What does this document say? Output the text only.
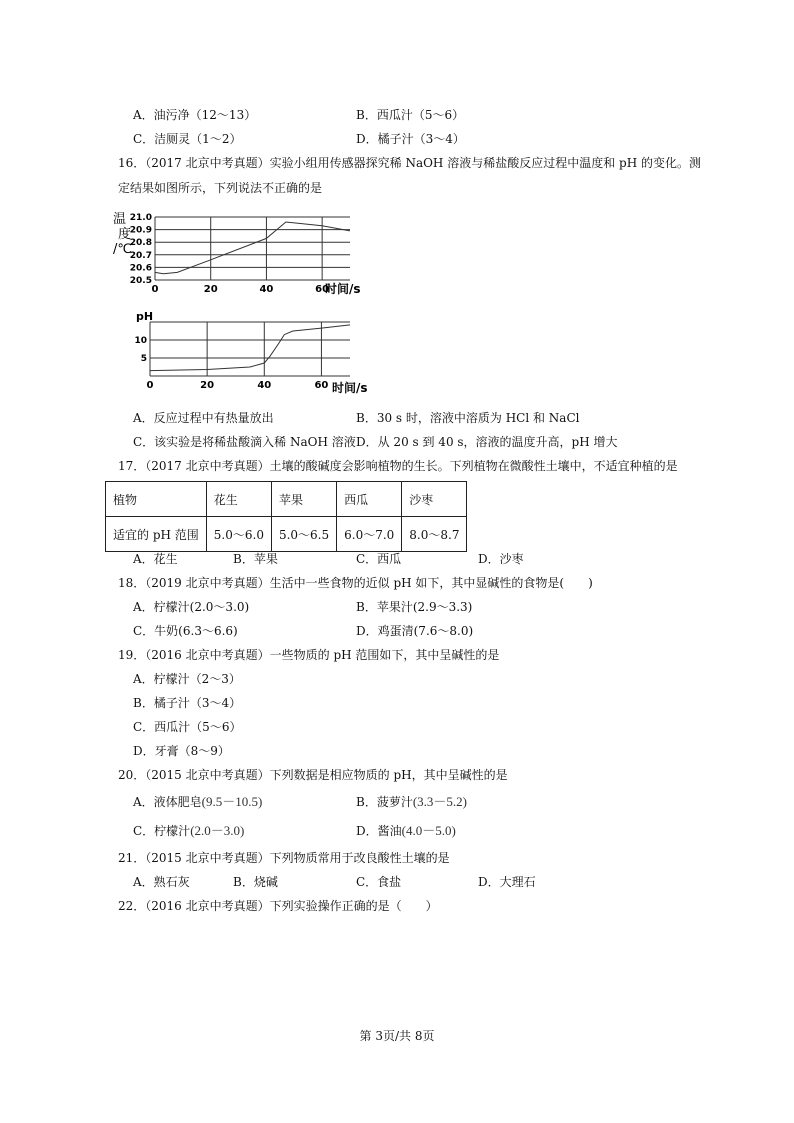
A．油污净（12～13）	B．西瓜汁（5～6）
C．洁厕灵（1～2）	D．橘子汁（3～4）
16．（2017 北京中考真题）实验小组用传感器探究稀 NaOH 溶液与稀盐酸反应过程中温度和 pH 的变化。测
定结果如图所示，下列说法不正确的是
温
度
/℃
21.0
20.9
20.8
20.7
20.6
20.5
0	20	40	60
时间/s
pH
10
5
0	20	40	60 时间/s
A．反应过程中有热量放出	B．30 s 时，溶液中溶质为 HCl 和 NaCl
C．该实验是将稀盐酸滴入稀 NaOH 溶液 D．从 20 s 到 40 s，溶液的温度升高，pH 增大
17．（2017 北京中考真题）土壤的酸碱度会影响植物的生长。下列植物在微酸性土壤中，不适宜种植的是
植物	花生	苹果	西瓜	沙枣
适宜的 pH 范围	5.0～6.0	5.0～6.5	6.0～7.0	8.0～8.7
A．花生	B．苹果	C．西瓜	D．沙枣
18．（2019 北京中考真题）生活中一些食物的近似 pH 如下，其中显碱性的食物是(　　)
A．柠檬汁(2.0～3.0)	B．苹果汁(2.9～3.3)
C．牛奶(6.3～6.6)	D．鸡蛋清(7.6～8.0)
19．（2016 北京中考真题）一些物质的 pH 范围如下，其中呈碱性的是
A．柠檬汁（2～3）
B．橘子汁（3～4）
C．西瓜汁（5～6）
D．牙膏（8～9）
20．（2015 北京中考真题）下列数据是相应物质的 pH，其中呈碱性的是
A．液体肥皂(9.5－10.5)	B．菠萝汁(3.3－5.2)
C．柠檬汁(2.0－3.0)	D．酱油(4.0－5.0)
21．（2015 北京中考真题）下列物质常用于改良酸性土壤的是
A．熟石灰	B．烧碱	C．食盐	D．大理石
22．（2016 北京中考真题）下列实验操作正确的是（　　）
第 3页/共 8页
